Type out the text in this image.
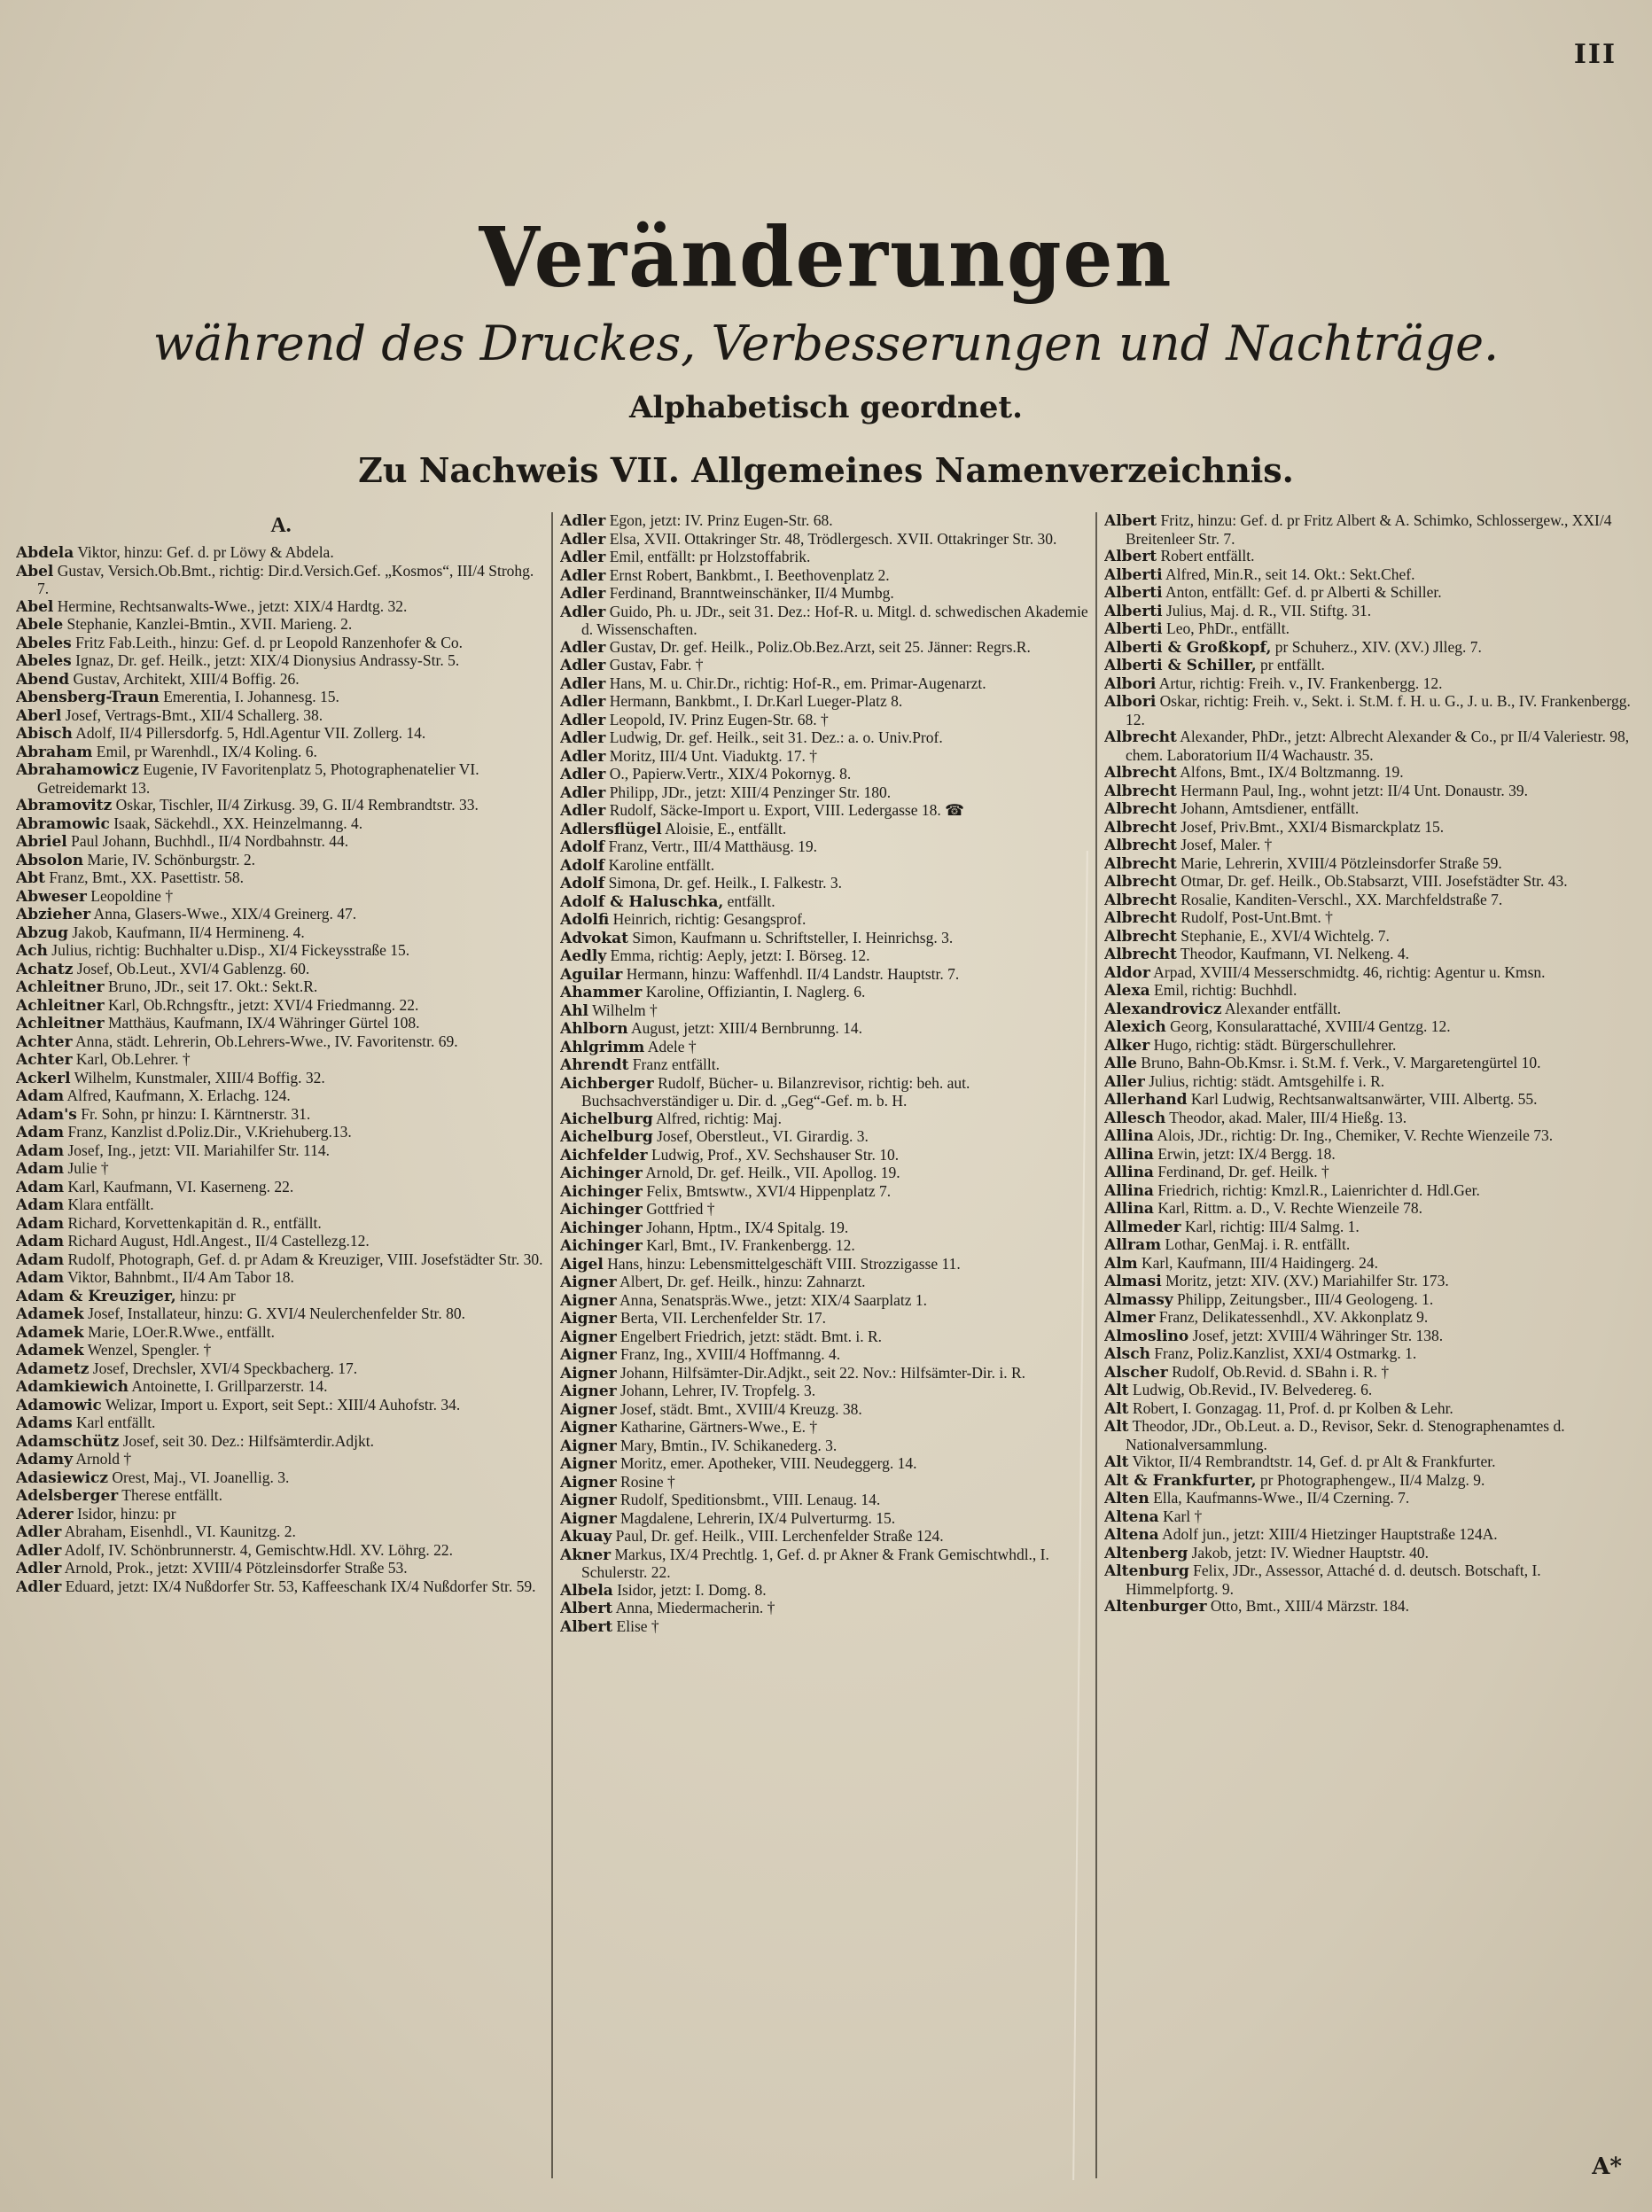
III
Veränderungen
während des Druckes, Verbesserungen und Nachträge.
Alphabetisch geordnet.
Zu Nachweis VII. Allgemeines Namenverzeichnis.
A.

Abdela Viktor, hinzu: Gef. d. pr Löwy & Abdela.

Abel Gustav, Versich.Ob.Bmt., richtig: Dir.d.Versich.Gef. „Kosmos“, III/4 Strohg. 7.

Abel Hermine, Rechtsanwalts-Wwe., jetzt: XIX/4 Hardtg. 32.

Abele Stephanie, Kanzlei-Bmtin., XVII. Marieng. 2.

Abeles Fritz Fab.Leith., hinzu: Gef. d. pr Leopold Ranzenhofer & Co.

Abeles Ignaz, Dr. gef. Heilk., jetzt: XIX/4 Dionysius Andrassy-Str. 5.

Abend Gustav, Architekt, XIII/4 Boffig. 26.

Abensberg-Traun Emerentia, I. Johannesg. 15.

Aberl Josef, Vertrags-Bmt., XII/4 Schallerg. 38.

Abisch Adolf, II/4 Pillersdorfg. 5, Hdl.Agentur VII. Zollerg. 14.

Abraham Emil, pr Warenhdl., IX/4 Koling. 6.

Abrahamowicz Eugenie, IV Favoritenplatz 5, Photographenatelier VI. Getreidemarkt 13.

Abramovitz Oskar, Tischler, II/4 Zirkusg. 39, G. II/4 Rembrandtstr. 33.

Abramowic Isaak, Säckehdl., XX. Heinzelmanng. 4.

Abriel Paul Johann, Buchhdl., II/4 Nordbahnstr. 44.

Absolon Marie, IV. Schönburgstr. 2.

Abt Franz, Bmt., XX. Pasettistr. 58.

Abweser Leopoldine †

Abzieher Anna, Glasers-Wwe., XIX/4 Greinerg. 47.

Abzug Jakob, Kaufmann, II/4 Hermineng. 4.

Ach Julius, richtig: Buchhalter u.Disp., XI/4 Fickeysstraße 15.

Achatz Josef, Ob.Leut., XVI/4 Gablenzg. 60.

Achleitner Bruno, JDr., seit 17. Okt.: Sekt.R.

Achleitner Karl, Ob.Rchngsftr., jetzt: XVI/4 Friedmanng. 22.

Achleitner Matthäus, Kaufmann, IX/4 Währinger Gürtel 108.

Achter Anna, städt. Lehrerin, Ob.Lehrers-Wwe., IV. Favoritenstr. 69.

Achter Karl, Ob.Lehrer. †

Ackerl Wilhelm, Kunstmaler, XIII/4 Boffig. 32.

Adam Alfred, Kaufmann, X. Erlachg. 124.

Adam's Fr. Sohn, pr hinzu: I. Kärntnerstr. 31.

Adam Franz, Kanzlist d.Poliz.Dir., V.Kriehuberg.13.

Adam Josef, Ing., jetzt: VII. Mariahilfer Str. 114.

Adam Julie †

Adam Karl, Kaufmann, VI. Kaserneng. 22.

Adam Klara entfällt.

Adam Richard, Korvettenkapitän d. R., entfällt.

Adam Richard August, Hdl.Angest., II/4 Castellezg.12.

Adam Rudolf, Photograph, Gef. d. pr Adam & Kreuziger, VIII. Josefstädter Str. 30.

Adam Viktor, Bahnbmt., II/4 Am Tabor 18.

Adam & Kreuziger, hinzu: pr

Adamek Josef, Installateur, hinzu: G. XVI/4 Neulerchenfelder Str. 80.

Adamek Marie, LOer.R.Wwe., entfällt.

Adamek Wenzel, Spengler. †

Adametz Josef, Drechsler, XVI/4 Speckbacherg. 17.

Adamkiewich Antoinette, I. Grillparzerstr. 14.

Adamowic Welizar, Import u. Export, seit Sept.: XIII/4 Auhofstr. 34.

Adams Karl entfällt.

Adamschütz Josef, seit 30. Dez.: Hilfsämterdir.Adjkt.

Adamy Arnold †

Adasiewicz Orest, Maj., VI. Joanellig. 3.

Adelsberger Therese entfällt.

Aderer Isidor, hinzu: pr

Adler Abraham, Eisenhdl., VI. Kaunitzg. 2.

Adler Adolf, IV. Schönbrunnerstr. 4, Gemischtw.Hdl. XV. Löhrg. 22.

Adler Arnold, Prok., jetzt: XVIII/4 Pötzleinsdorfer Straße 53.

Adler Eduard, jetzt: IX/4 Nußdorfer Str. 53, Kaffeeschank IX/4 Nußdorfer Str. 59.

Adler Egon, jetzt: IV. Prinz Eugen-Str. 68.

Adler Elsa, XVII. Ottakringer Str. 48, Trödlergesch. XVII. Ottakringer Str. 30.

Adler Emil, entfällt: pr Holzstoffabrik.

Adler Ernst Robert, Bankbmt., I. Beethovenplatz 2.

Adler Ferdinand, Branntweinschänker, II/4 Mumbg.

Adler Guido, Ph. u. JDr., seit 31. Dez.: Hof-R. u. Mitgl. d. schwedischen Akademie d. Wissenschaften.

Adler Gustav, Dr. gef. Heilk., Poliz.Ob.Bez.Arzt, seit 25. Jänner: Regrs.R.

Adler Gustav, Fabr. †

Adler Hans, M. u. Chir.Dr., richtig: Hof-R., em. Primar-Augenarzt.

Adler Hermann, Bankbmt., I. Dr.Karl Lueger-Platz 8.

Adler Leopold, IV. Prinz Eugen-Str. 68. †

Adler Ludwig, Dr. gef. Heilk., seit 31. Dez.: a. o. Univ.Prof.

Adler Moritz, III/4 Unt. Viaduktg. 17. †

Adler O., Papierw.Vertr., XIX/4 Pokornyg. 8.

Adler Philipp, JDr., jetzt: XIII/4 Penzinger Str. 180.

Adler Rudolf, Säcke-Import u. Export, VIII. Ledergasse 18. ☎

Adlersflügel Aloisie, E., entfällt.

Adolf Franz, Vertr., III/4 Matthäusg. 19.

Adolf Karoline entfällt.

Adolf Simona, Dr. gef. Heilk., I. Falkestr. 3.

Adolf & Haluschka, entfällt.

Adolfi Heinrich, richtig: Gesangsprof.

Advokat Simon, Kaufmann u. Schriftsteller, I. Heinrichsg. 3.

Aedly Emma, richtig: Aeply, jetzt: I. Börseg. 12.

Aguilar Hermann, hinzu: Waffenhdl. II/4 Landstr. Hauptstr. 7.

Ahammer Karoline, Offiziantin, I. Naglerg. 6.

Ahl Wilhelm †

Ahlborn August, jetzt: XIII/4 Bernbrunng. 14.

Ahlgrimm Adele †

Ahrendt Franz entfällt.

Aichberger Rudolf, Bücher- u. Bilanzrevisor, richtig: beh. aut. Buchsachverständiger u. Dir. d. „Geg“-Gef. m. b. H.

Aichelburg Alfred, richtig: Maj.

Aichelburg Josef, Oberstleut., VI. Girardig. 3.

Aichfelder Ludwig, Prof., XV. Sechshauser Str. 10.

Aichinger Arnold, Dr. gef. Heilk., VII. Apollog. 19.

Aichinger Felix, Bmtswtw., XVI/4 Hippenplatz 7.

Aichinger Gottfried †

Aichinger Johann, Hptm., IX/4 Spitalg. 19.

Aichinger Karl, Bmt., IV. Frankenbergg. 12.

Aigel Hans, hinzu: Lebensmittelgeschäft VIII. Strozzigasse 11.

Aigner Albert, Dr. gef. Heilk., hinzu: Zahnarzt.

Aigner Anna, Senatspräs.Wwe., jetzt: XIX/4 Saarplatz 1.

Aigner Berta, VII. Lerchenfelder Str. 17.

Aigner Engelbert Friedrich, jetzt: städt. Bmt. i. R.

Aigner Franz, Ing., XVIII/4 Hoffmanng. 4.

Aigner Johann, Hilfsämter-Dir.Adjkt., seit 22. Nov.: Hilfsämter-Dir. i. R.

Aigner Johann, Lehrer, IV. Tropfelg. 3.

Aigner Josef, städt. Bmt., XVIII/4 Kreuzg. 38.

Aigner Katharine, Gärtners-Wwe., E. †

Aigner Mary, Bmtin., IV. Schikanederg. 3.

Aigner Moritz, emer. Apotheker, VIII. Neudeggerg. 14.

Aigner Rosine †

Aigner Rudolf, Speditionsbmt., VIII. Lenaug. 14.

Aigner Magdalene, Lehrerin, IX/4 Pulverturmg. 15.

Akuay Paul, Dr. gef. Heilk., VIII. Lerchenfelder Straße 124.

Akner Markus, IX/4 Prechtlg. 1, Gef. d. pr Akner & Frank Gemischtwhdl., I. Schulerstr. 22.

Albela Isidor, jetzt: I. Domg. 8.

Albert Anna, Miedermacherin. †

Albert Elise †

Albert Fritz, hinzu: Gef. d. pr Fritz Albert & A. Schimko, Schlossergew., XXI/4 Breitenleer Str. 7.

Albert Robert entfällt.

Alberti Alfred, Min.R., seit 14. Okt.: Sekt.Chef.

Alberti Anton, entfällt: Gef. d. pr Alberti & Schiller.

Alberti Julius, Maj. d. R., VII. Stiftg. 31.

Alberti Leo, PhDr., entfällt.

Alberti & Großkopf, pr Schuherz., XIV. (XV.) Jlleg. 7.

Alberti & Schiller, pr entfällt.

Albori Artur, richtig: Freih. v., IV. Frankenbergg. 12.

Albori Oskar, richtig: Freih. v., Sekt. i. St.M. f. H. u. G., J. u. B., IV. Frankenbergg. 12.

Albrecht Alexander, PhDr., jetzt: Albrecht Alexander & Co., pr II/4 Valeriestr. 98, chem. Laboratorium II/4 Wachaustr. 35.

Albrecht Alfons, Bmt., IX/4 Boltzmanng. 19.

Albrecht Hermann Paul, Ing., wohnt jetzt: II/4 Unt. Donaustr. 39.

Albrecht Johann, Amtsdiener, entfällt.

Albrecht Josef, Priv.Bmt., XXI/4 Bismarckplatz 15.

Albrecht Josef, Maler. †

Albrecht Marie, Lehrerin, XVIII/4 Pötzleinsdorfer Straße 59.

Albrecht Otmar, Dr. gef. Heilk., Ob.Stabsarzt, VIII. Josefstädter Str. 43.

Albrecht Rosalie, Kanditen-Verschl., XX. Marchfeldstraße 7.

Albrecht Rudolf, Post-Unt.Bmt. †

Albrecht Stephanie, E., XVI/4 Wichtelg. 7.

Albrecht Theodor, Kaufmann, VI. Nelkeng. 4.

Aldor Arpad, XVIII/4 Messerschmidtg. 46, richtig: Agentur u. Kmsn.

Alexa Emil, richtig: Buchhdl.

Alexandrovicz Alexander entfällt.

Alexich Georg, Konsularattaché, XVIII/4 Gentzg. 12.

Alker Hugo, richtig: städt. Bürgerschullehrer.

Alle Bruno, Bahn-Ob.Kmsr. i. St.M. f. Verk., V. Margaretengürtel 10.

Aller Julius, richtig: städt. Amtsgehilfe i. R.

Allerhand Karl Ludwig, Rechtsanwaltsanwärter, VIII. Albertg. 55.

Allesch Theodor, akad. Maler, III/4 Hießg. 13.

Allina Alois, JDr., richtig: Dr. Ing., Chemiker, V. Rechte Wienzeile 73.

Allina Erwin, jetzt: IX/4 Bergg. 18.

Allina Ferdinand, Dr. gef. Heilk. †

Allina Friedrich, richtig: Kmzl.R., Laienrichter d. Hdl.Ger.

Allina Karl, Rittm. a. D., V. Rechte Wienzeile 78.

Allmeder Karl, richtig: III/4 Salmg. 1.

Allram Lothar, GenMaj. i. R. entfällt.

Alm Karl, Kaufmann, III/4 Haidingerg. 24.

Almasi Moritz, jetzt: XIV. (XV.) Mariahilfer Str. 173.

Almassy Philipp, Zeitungsber., III/4 Geologeng. 1.

Almer Franz, Delikatessenhdl., XV. Akkonplatz 9.

Almoslino Josef, jetzt: XVIII/4 Währinger Str. 138.

Alsch Franz, Poliz.Kanzlist, XXI/4 Ostmarkg. 1.

Alscher Rudolf, Ob.Revid. d. SBahn i. R. †

Alt Ludwig, Ob.Revid., IV. Belvedereg. 6.

Alt Robert, I. Gonzagag. 11, Prof. d. pr Kolben & Lehr.

Alt Theodor, JDr., Ob.Leut. a. D., Revisor, Sekr. d. Stenographenamtes d. Nationalversammlung.

Alt Viktor, II/4 Rembrandtstr. 14, Gef. d. pr Alt & Frankfurter.

Alt & Frankfurter, pr Photographengew., II/4 Malzg. 9.

Alten Ella, Kaufmanns-Wwe., II/4 Czerning. 7.

Altena Karl †

Altena Adolf jun., jetzt: XIII/4 Hietzinger Hauptstraße 124A.

Altenberg Jakob, jetzt: IV. Wiedner Hauptstr. 40.

Altenburg Felix, JDr., Assessor, Attaché d. d. deutsch. Botschaft, I. Himmelpfortg. 9.

Altenburger Otto, Bmt., XIII/4 Märzstr. 184.

A*
